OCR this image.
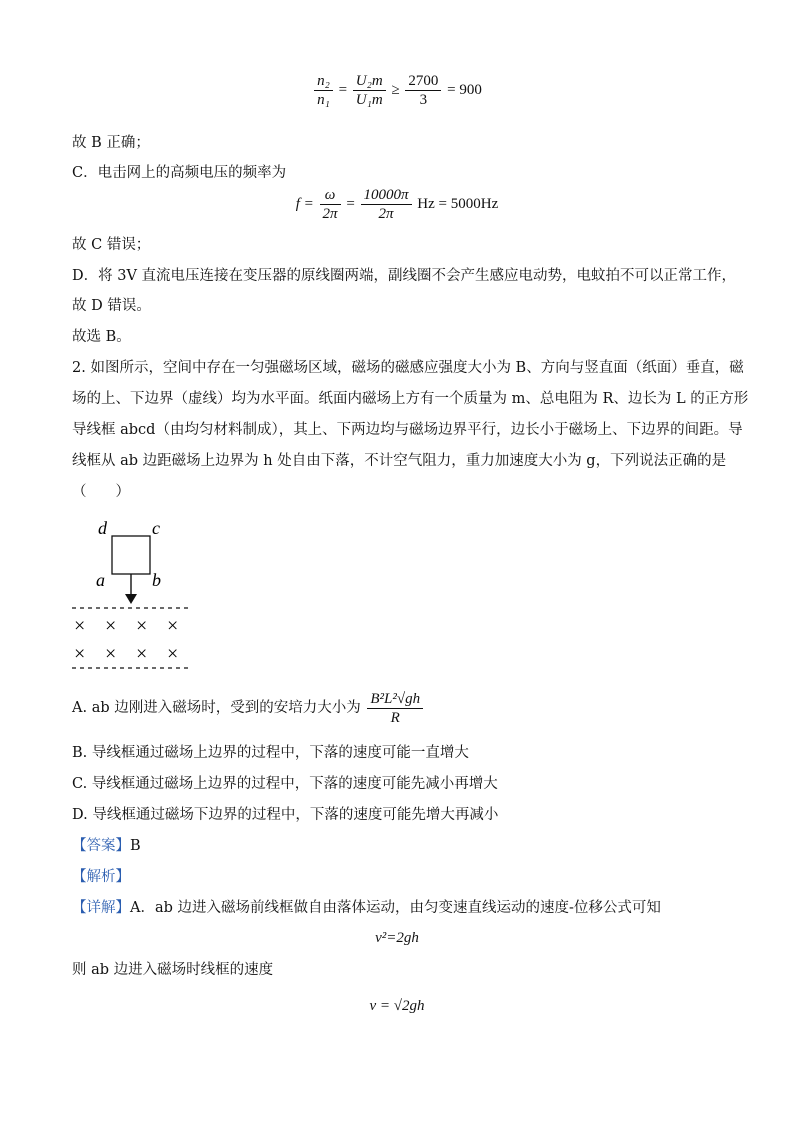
$\frac{\text{n₂}}{\text{n₁}} = \frac{\text{U₂m}}{\text{U₁m}} \ge \frac{2700}{3} = 900$
故 B 正确；
C．电击网上的高频电压的频率为
$f = \frac{\omega}{2\pi} = \frac{10000\pi}{2\pi}$ Hz = 5000Hz
故 C 错误；
D．将 3V 直流电压连接在变压器的原线圈两端，副线圈不会产生感应电动势，电蚊拍不可以正常工作，
故 D 错误。
故选 B。
2. 如图所示，空间中存在一匀强磁场区域，磁场的磁感应强度大小为 B、方向与竖直面（纸面）垂直，磁
场的上、下边界（虚线）均为水平面。纸面内磁场上方有一个质量为 m、总电阻为 R、边长为 L 的正方形
导线框 abcd（由均匀材料制成），其上、下两边均与磁场边界平行，边长小于磁场上、下边界的间距。导
线框从 ab 边距磁场上边界为 h 处自由下落，不计空气阻力，重力加速度大小为 g，下列说法正确的是
（　　）
d	c
a	b
× × × ×
× × × ×
A. ab 边刚进入磁场时，受到的安培力大小为 $\frac{\text{B²L²√gh}}{R}$
B. 导线框通过磁场上边界的过程中，下落的速度可能一直增大
C. 导线框通过磁场上边界的过程中，下落的速度可能先减小再增大
D. 导线框通过磁场下边界的过程中，下落的速度可能先增大再减小
【答案】B
【解析】
【详解】A．ab 边进入磁场前线框做自由落体运动，由匀变速直线运动的速度-位移公式可知
v²=2gh
则 ab 边进入磁场时线框的速度
v = √2gh
